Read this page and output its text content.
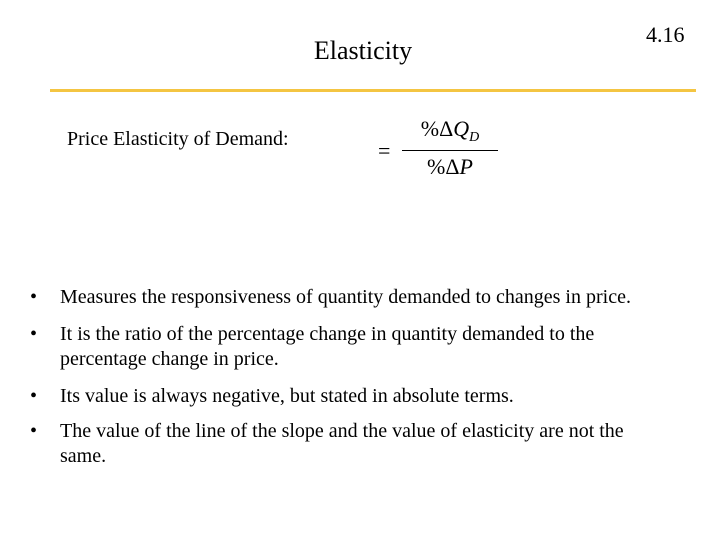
4.16
Elasticity
Price Elasticity of Demand:	=
$\%\Delta Q_D$
%ΔP
• Measures the responsiveness of quantity demanded to changes in price.
• It is the ratio of the percentage change in quantity demanded to the percentage change in price.
• Its value is always negative, but stated in absolute terms.
• The value of the line of the slope and the value of elasticity are not the same.
